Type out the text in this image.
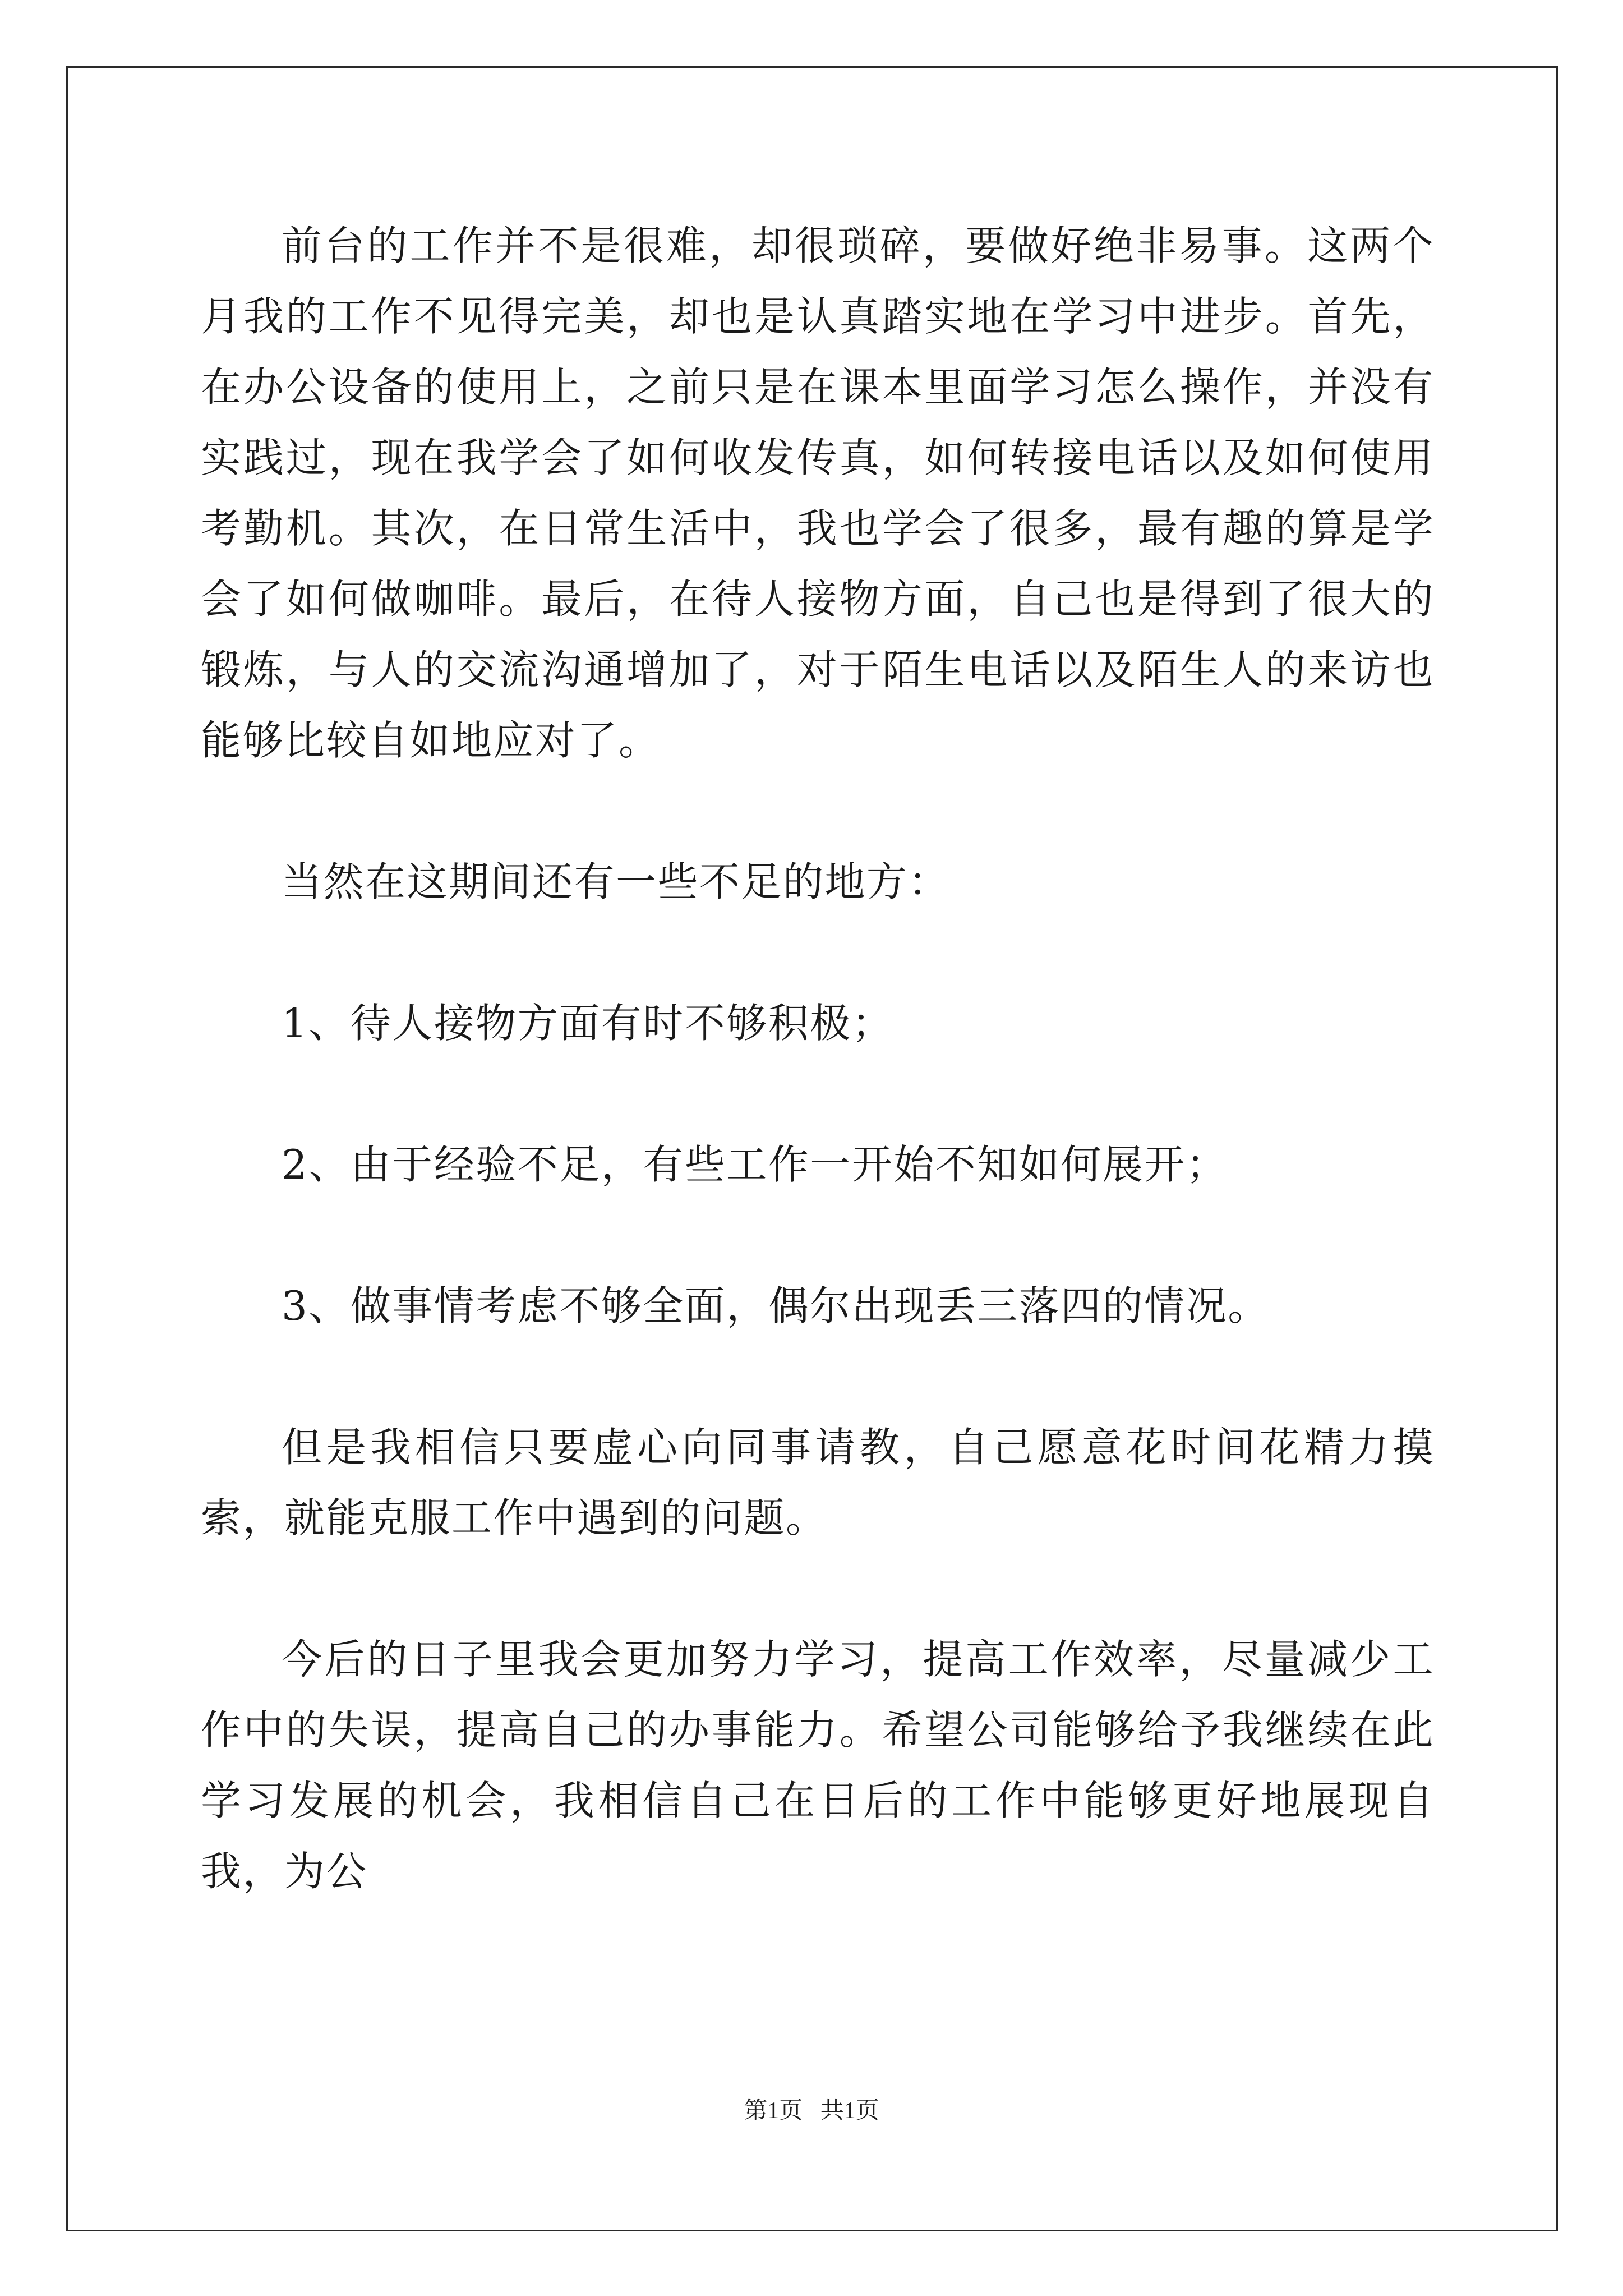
前台的工作并不是很难，却很琐碎，要做好绝非易事。这两个月我的工作不见得完美，却也是认真踏实地在学习中进步。首先，在办公设备的使用上，之前只是在课本里面学习怎么操作，并没有实践过，现在我学会了如何收发传真，如何转接电话以及如何使用考勤机。其次，在日常生活中，我也学会了很多，最有趣的算是学会了如何做咖啡。最后，在待人接物方面，自己也是得到了很大的锻炼，与人的交流沟通增加了，对于陌生电话以及陌生人的来访也能够比较自如地应对了。

当然在这期间还有一些不足的地方：

1、待人接物方面有时不够积极；

2、由于经验不足，有些工作一开始不知如何展开；

3、做事情考虑不够全面，偶尔出现丢三落四的情况。

但是我相信只要虚心向同事请教，自己愿意花时间花精力摸索，就能克服工作中遇到的问题。

今后的日子里我会更加努力学习，提高工作效率，尽量减少工作中的失误，提高自己的办事能力。希望公司能够给予我继续在此学习发展的机会，我相信自己在日后的工作中能够更好地展现自我，为公

第1页 共1页
